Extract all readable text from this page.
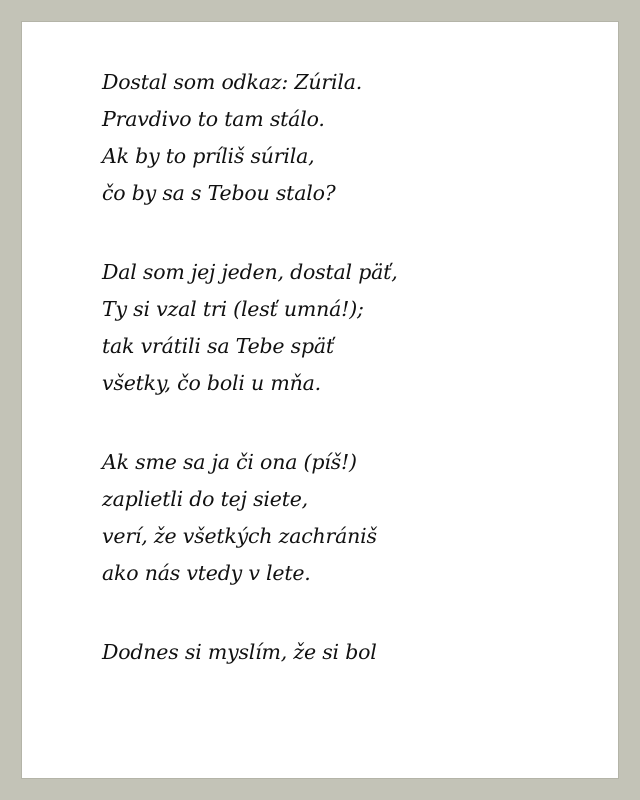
Dostal som odkaz: Zúrila.
Pravdivo to tam stálo.
Ak by to príliš súrila,
čo by sa s Tebou stalo?
Dal som jej jeden, dostal päť,
Ty si vzal tri (lesť umná!);
tak vrátili sa Tebe späť
všetky, čo boli u mňa.
Ak sme sa ja či ona (píš!)
zaplietli do tej siete,
verí, že všetkých zachrániš
ako nás vtedy v lete.
Dodnes si myslím, že si bol
